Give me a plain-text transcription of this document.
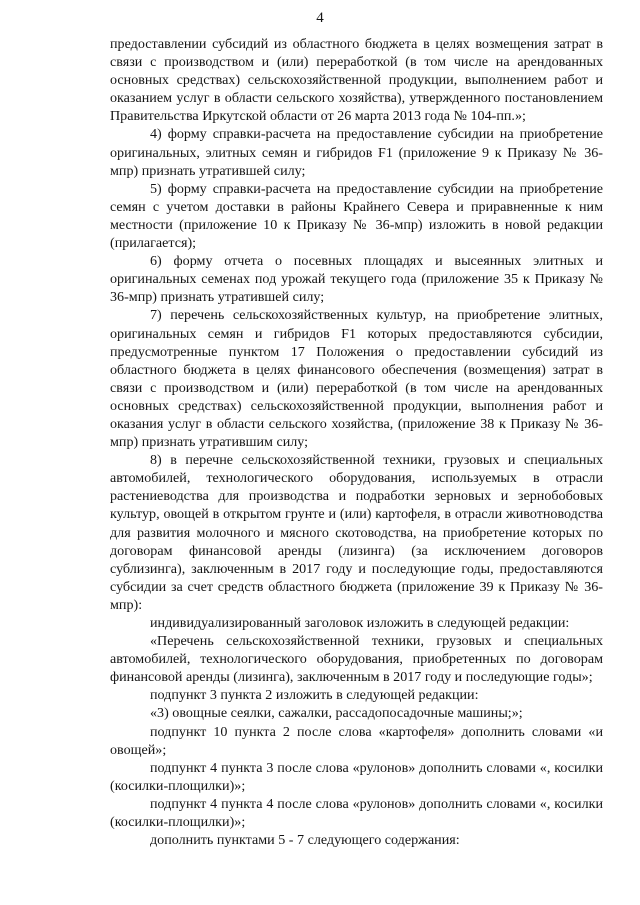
4

предоставлении субсидий из областного бюджета в целях возмещения затрат в связи с производством и (или) переработкой (в том числе на арендованных основных средствах) сельскохозяйственной продукции, выполнением работ и оказанием услуг в области сельского хозяйства), утвержденного постановлением Правительства Иркутской области от 26 марта 2013 года № 104-пп.»;

4) форму справки-расчета на предоставление субсидии на приобретение оригинальных, элитных семян и гибридов F1 (приложение 9 к Приказу № 36-мпр) признать утратившей силу;

5) форму справки-расчета на предоставление субсидии на приобретение семян с учетом доставки в районы Крайнего Севера и приравненные к ним местности (приложение 10 к Приказу № 36-мпр) изложить в новой редакции (прилагается);

6) форму отчета о посевных площадях и высеянных элитных и оригинальных семенах под урожай текущего года (приложение 35 к Приказу № 36-мпр) признать утратившей силу;

7) перечень сельскохозяйственных культур, на приобретение элитных, оригинальных семян и гибридов F1 которых предоставляются субсидии, предусмотренные пунктом 17 Положения о предоставлении субсидий из областного бюджета в целях финансового обеспечения (возмещения) затрат в связи с производством и (или) переработкой (в том числе на арендованных основных средствах) сельскохозяйственной продукции, выполнения работ и оказания услуг в области сельского хозяйства, (приложение 38 к Приказу № 36-мпр) признать утратившим силу;

8) в перечне сельскохозяйственной техники, грузовых и специальных автомобилей, технологического оборудования, используемых в отрасли растениеводства для производства и подработки зерновых и зернобобовых культур, овощей в открытом грунте и (или) картофеля, в отрасли животноводства для развития молочного и мясного скотоводства, на приобретение которых по договорам финансовой аренды (лизинга) (за исключением договоров сублизинга), заключенным в 2017 году и последующие годы, предоставляются субсидии за счет средств областного бюджета (приложение 39 к Приказу № 36-мпр):

индивидуализированный заголовок изложить в следующей редакции:

«Перечень сельскохозяйственной техники, грузовых и специальных автомобилей, технологического оборудования, приобретенных по договорам финансовой аренды (лизинга), заключенным в 2017 году и последующие годы»;

подпункт 3 пункта 2 изложить в следующей редакции:

«3) овощные сеялки, сажалки, рассадопосадочные машины;»;

подпункт 10 пункта 2 после слова «картофеля» дополнить словами «и овощей»;

подпункт 4 пункта 3 после слова «рулонов» дополнить словами «, косилки (косилки-площилки)»;

подпункт 4 пункта 4 после слова «рулонов» дополнить словами «, косилки (косилки-площилки)»;

дополнить пунктами 5 - 7 следующего содержания:
